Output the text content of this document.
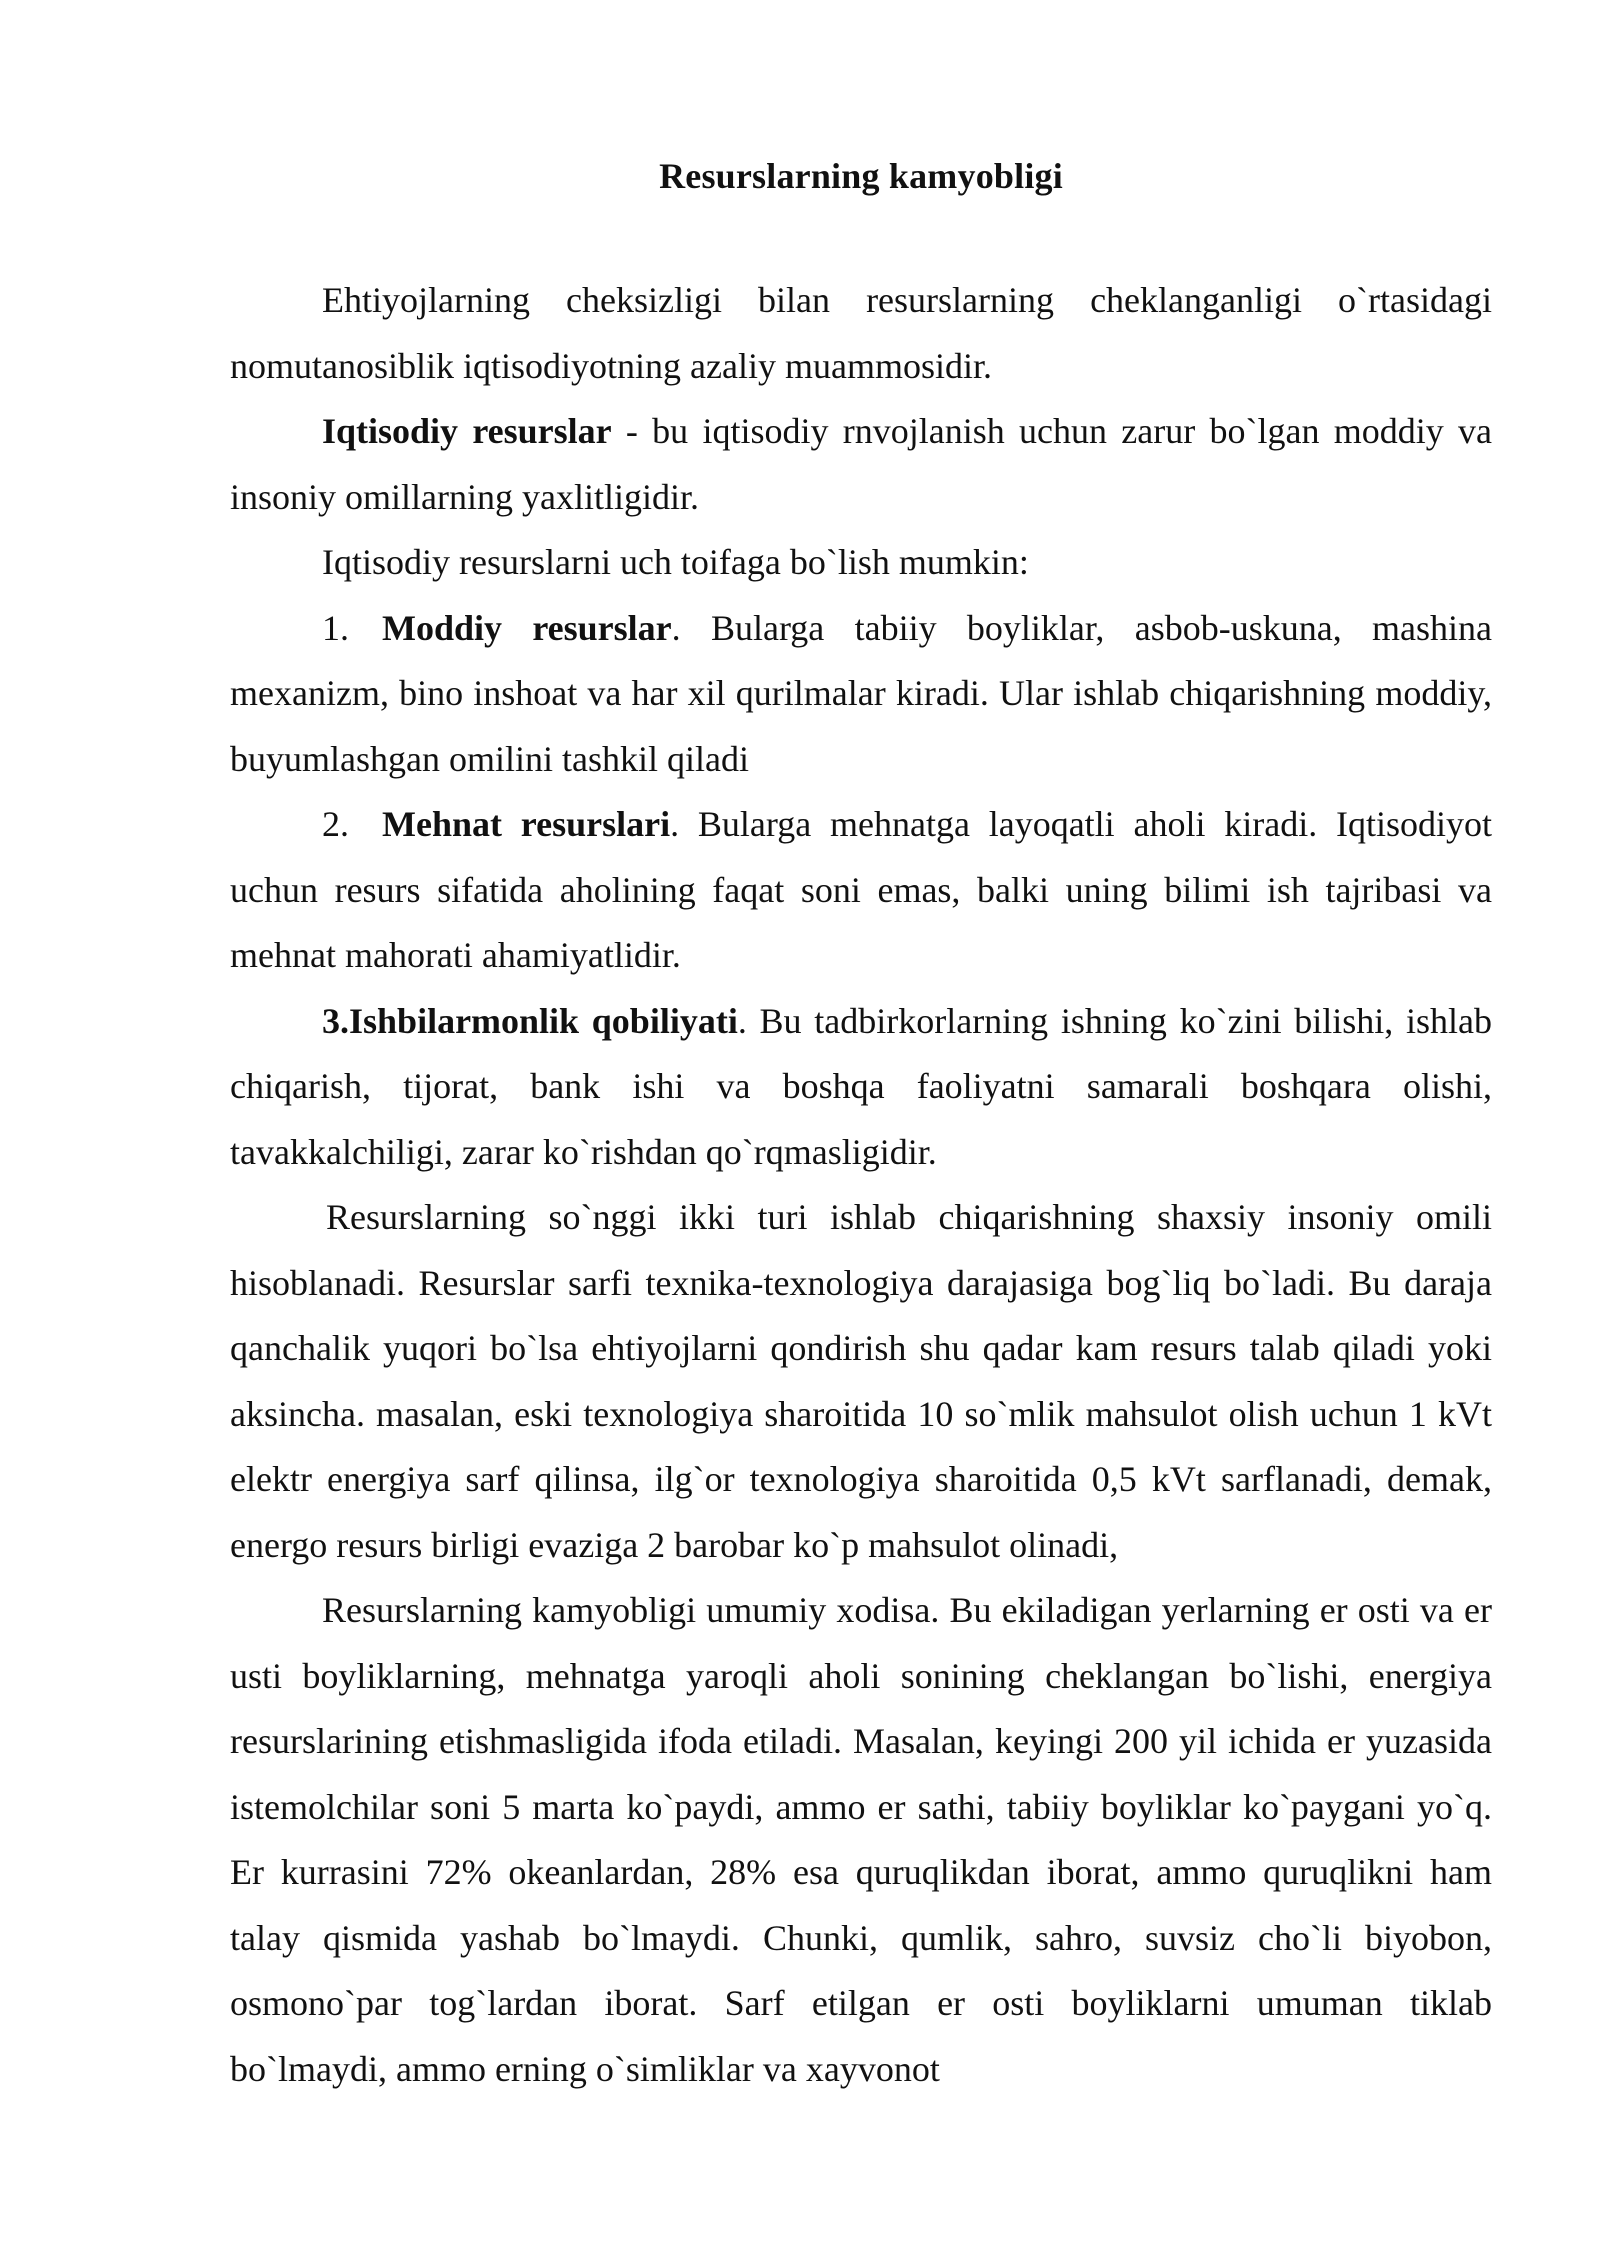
Resurslarning kamyobligi

Ehtiyojlarning cheksizligi bilan resurslarning cheklanganligi o`rtasidagi nomutanosiblik iqtisodiyotning azaliy muammosidir.

Iqtisodiy resurslar - bu iqtisodiy rnvojlanish uchun zarur bo`lgan moddiy va insoniy omillarning yaxlitligidir.

Iqtisodiy resurslarni uch toifaga bo`lish mumkin:

1. Moddiy resurslar. Bularga tabiiy boyliklar, asbob-uskuna, mashina mexanizm, bino inshoat va har xil qurilmalar kiradi. Ular ishlab chiqarishning moddiy, buyumlashgan omilini tashkil qiladi

2. Mehnat resurslari. Bularga mehnatga layoqatli aholi kiradi. Iqtisodiyot uchun resurs sifatida aholining faqat soni emas, balki uning bilimi ish tajribasi va mehnat mahorati ahamiyatlidir.

3.Ishbilarmonlik qobiliyati. Bu tadbirkorlarning ishning ko`zini bilishi, ishlab chiqarish, tijorat, bank ishi va boshqa faoliyatni samarali boshqara olishi, tavakkalchiligi, zarar ko`rishdan qo`rqmasligidir.

Resurslarning so`nggi ikki turi ishlab chiqarishning shaxsiy insoniy omili hisoblanadi. Resurslar sarfi texnika-texnologiya darajasiga bog`liq bo`ladi. Bu daraja qanchalik yuqori bo`lsa ehtiyojlarni qondirish shu qadar kam resurs talab qiladi yoki aksincha. masalan, eski texnologiya sharoitida 10 so`mlik mahsulot olish uchun 1 kVt elektr energiya sarf qilinsa, ilg`or texnologiya sharoitida 0,5 kVt sarflanadi, demak, energo resurs birligi evaziga 2 barobar ko`p mahsulot olinadi,

Resurslarning kamyobligi umumiy xodisa. Bu ekiladigan yerlarning er osti va er usti boyliklarning, mehnatga yaroqli aholi sonining cheklangan bo`lishi, energiya resurslarining etishmasligida ifoda etiladi. Masalan, keyingi 200 yil ichida er yuzasida istemolchilar soni 5 marta ko`paydi, ammo er sathi, tabiiy boyliklar ko`paygani yo`q. Er kurrasini 72% okeanlardan, 28% esa quruqlikdan iborat, ammo quruqlikni ham talay qismida yashab bo`lmaydi. Chunki, qumlik, sahro, suvsiz cho`li biyobon, osmono`par tog`lardan iborat. Sarf etilgan er osti boyliklarni umuman tiklab bo`lmaydi, ammo erning o`simliklar va xayvonot
